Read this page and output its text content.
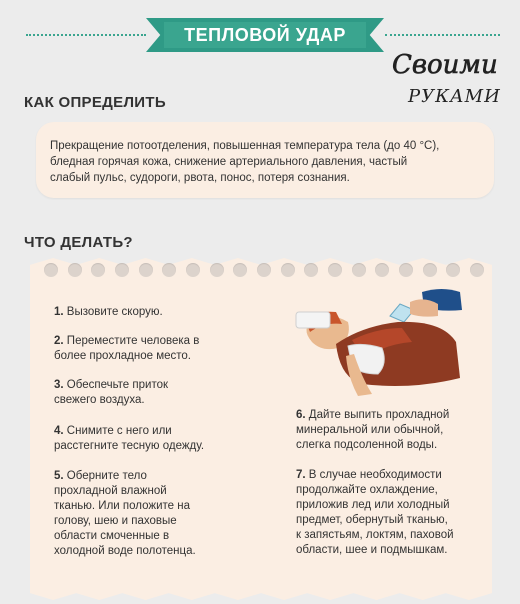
ТЕПЛОВОЙ УДАР
Своими
РУКАМИ
КАК ОПРЕДЕЛИТЬ
Прекращение потоотделения, повышенная температура тела (до 40 °C),
бледная горячая кожа, снижение артериального давления, частый
слабый пульс, судороги, рвота, понос, потеря сознания.
ЧТО ДЕЛАТЬ?
1. Вызовите скорую.
2. Переместите человека в
более прохладное место.
3. Обеспечьте приток
свежего воздуха.
4. Снимите с него или
расстегните тесную одежду.
5. Оберните тело
прохладной влажной
тканью. Или положите на
голову, шею и паховые
области смоченные в
холодной воде полотенца.
6. Дайте выпить прохладной
минеральной или обычной,
слегка подсоленной воды.
7. В случае необходимости
продолжайте охлаждение,
приложив лед или холодный
предмет, обернутый тканью,
к запястьям, локтям, паховой
области, шее и подмышкам.
